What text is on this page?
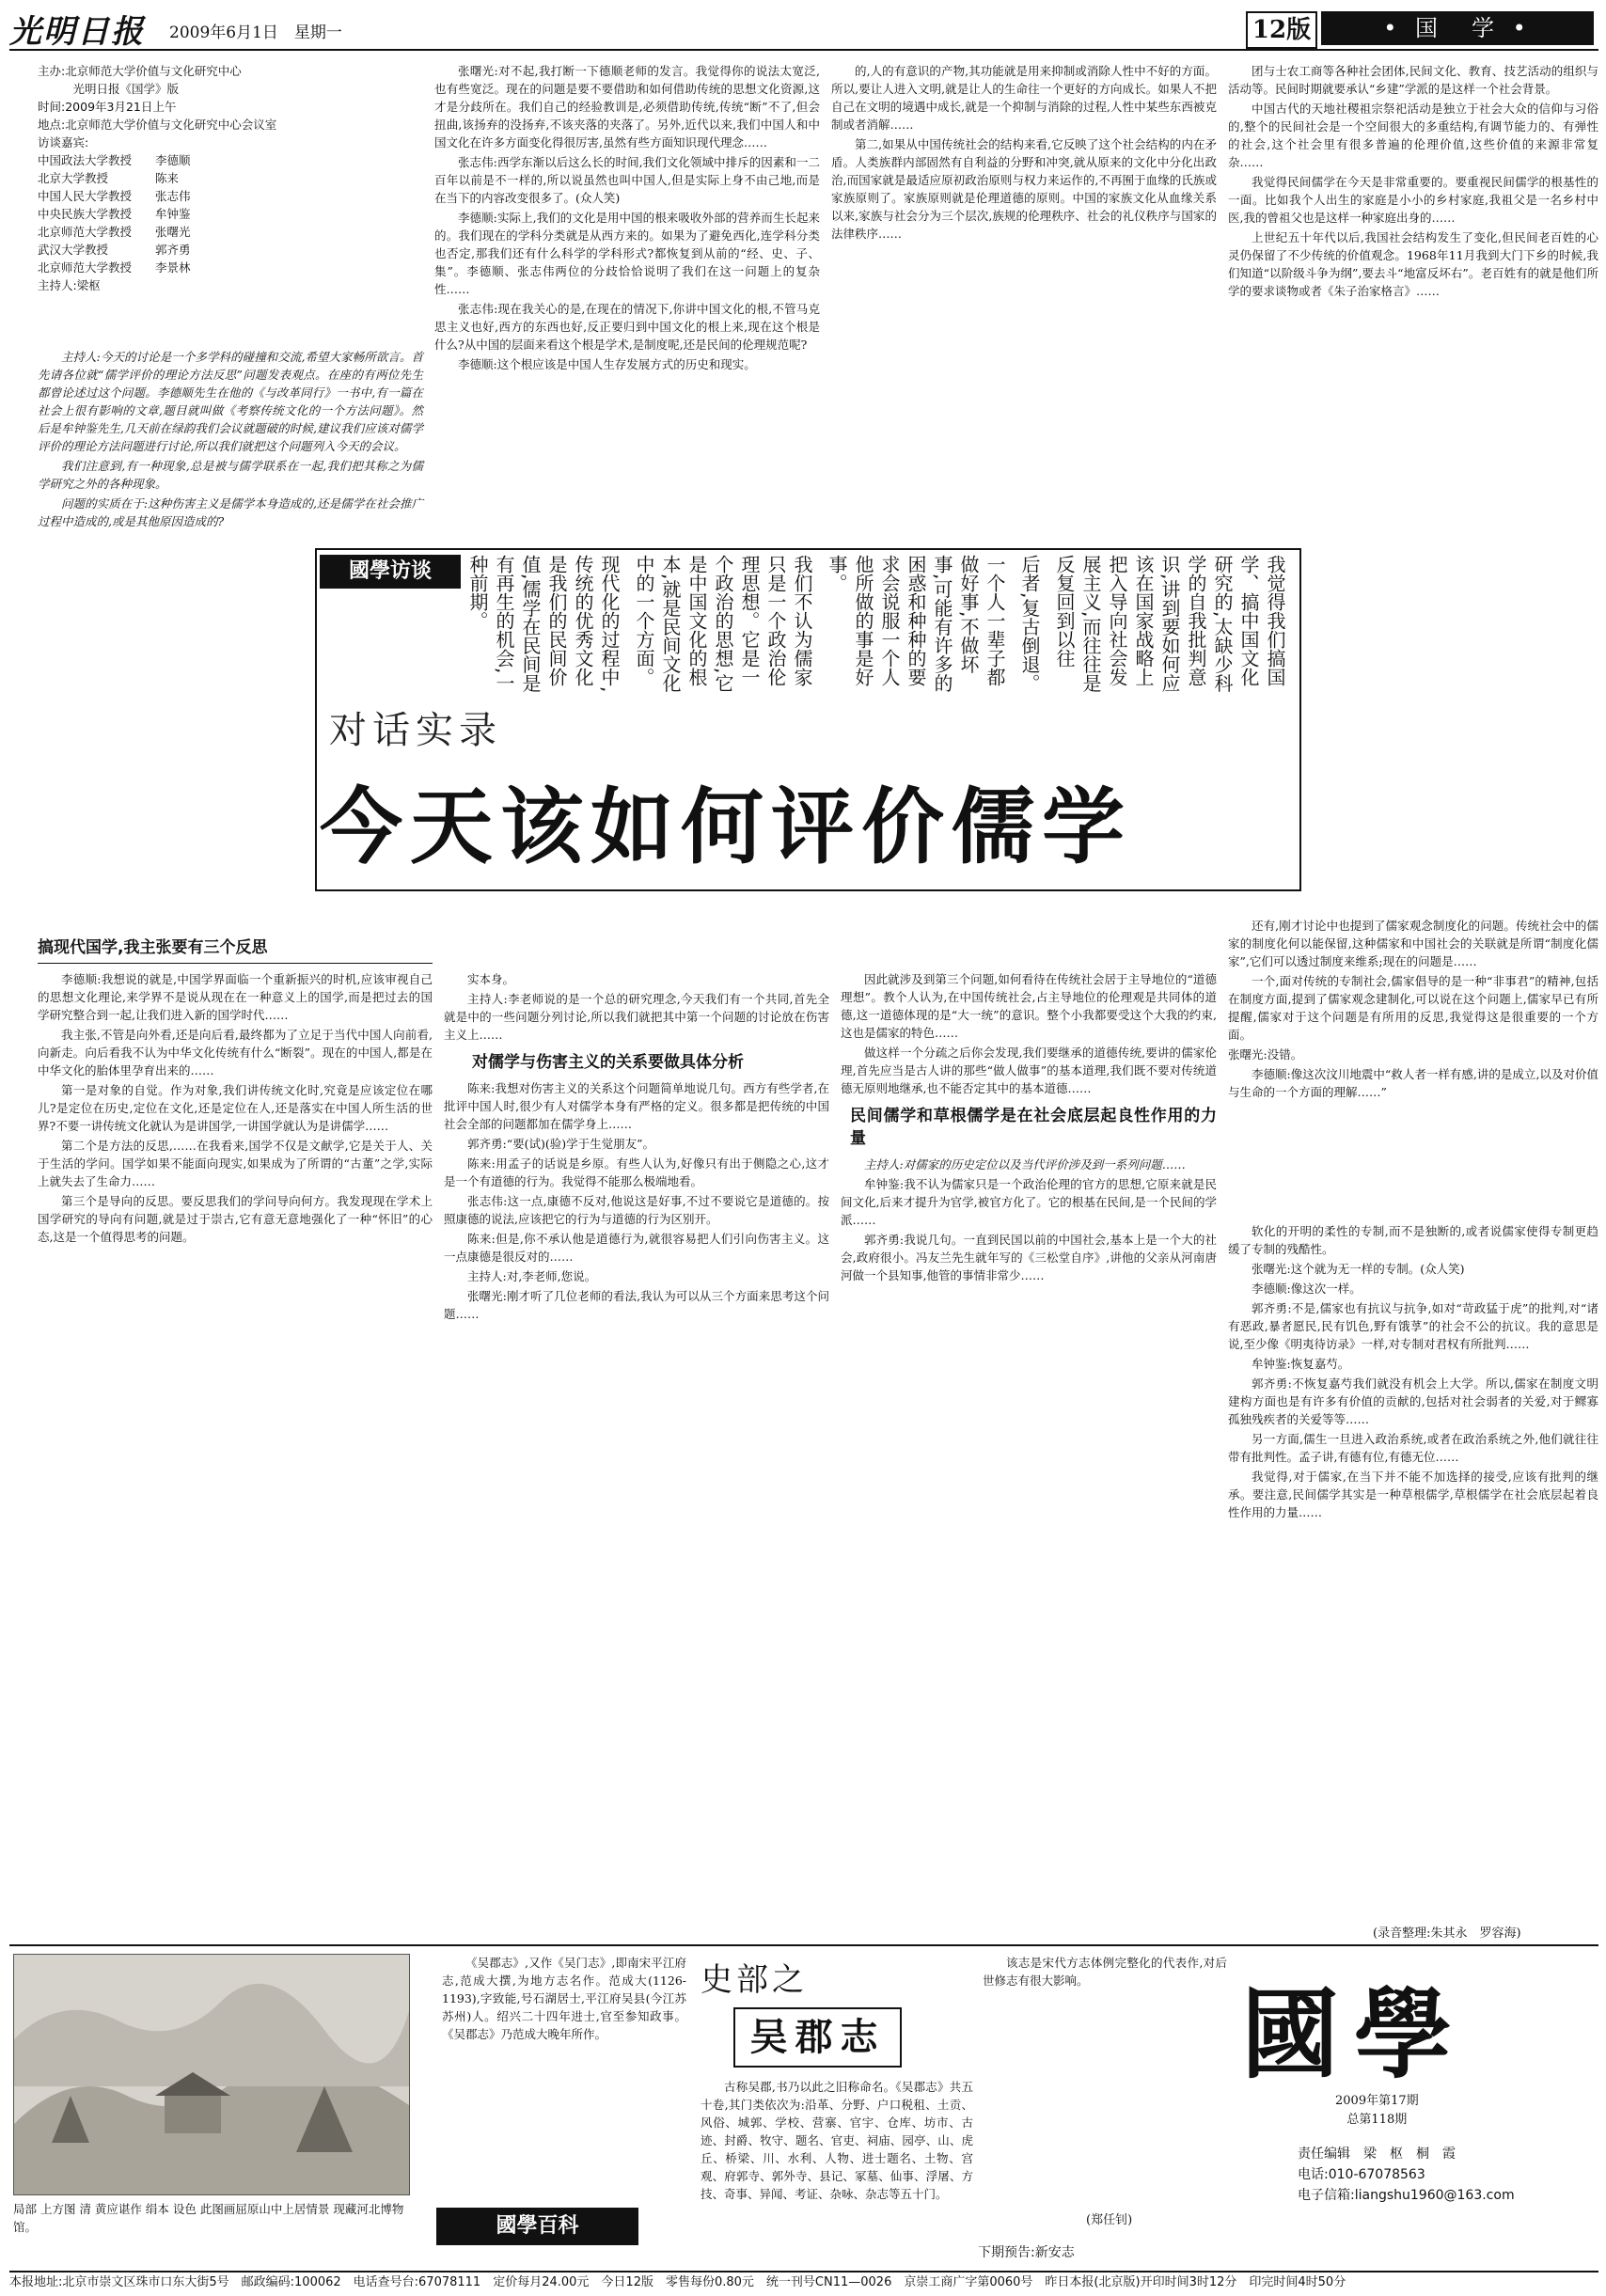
光明日报 2009年6月1日　星期一	12版	• 国　学 •
主办:北京师范大学价值与文化研究中心
　　　光明日报《国学》版
时间:2009年3月21日上午
地点:北京师范大学价值与文化研究中心会议室
访谈嘉宾:
中国政法大学教授　　李德顺
北京大学教授　　　　陈来
中国人民大学教授　　张志伟
中央民族大学教授　　牟钟鉴
北京师范大学教授　　张曙光
武汉大学教授　　　　郭齐勇
北京师范大学教授　　李景林
主持人:梁枢

主持人:今天的讨论是一个多学科的碰撞和交流,希望大家畅所欲言。首先请各位就“儒学评价的理论方法反思”问题发表观点。在座的有两位先生都曾论述过这个问题。李德顺先生在他的《与改革同行》一书中,有一篇在社会上很有影响的文章,题目就叫做《考察传统文化的一个方法问题》。然后是牟钟鉴先生,几天前在绿韵我们会议就题破的时候,建议我们应该对儒学评价的理论方法问题进行讨论,所以我们就把这个问题列入今天的会议。

我们注意到,有一种现象,总是被与儒学联系在一起,我们把其称之为儒学研究之外的各种现象。

问题的实质在于:这种伤害主义是儒学本身造成的,还是儒学在社会推广过程中造成的,或是其他原因造成的?

张曙光:对不起,我打断一下德顺老师的发言。我觉得你的说法太宽泛,也有些宽泛。现在的问题是要不要借助和如何借助传统的思想文化资源,这才是分歧所在。我们自己的经验教训是,必须借助传统,传统“断”不了,但会扭曲,该扬弃的没扬弃,不该夹落的夹落了。另外,近代以来,我们中国人和中国文化在许多方面变化得很厉害,虽然有些方面知识现代理念……

张志伟:西学东渐以后这么长的时间,我们文化领域中排斥的因素和一二百年以前是不一样的,所以说虽然也叫中国人,但是实际上身不由己地,而是在当下的内容改变很多了。(众人笑)

李德顺:实际上,我们的文化是用中国的根来吸收外部的营养而生长起来的。我们现在的学科分类就是从西方来的。如果为了避免西化,连学科分类也否定,那我们还有什么科学的学科形式?都恢复到从前的“经、史、子、集”。李德顺、张志伟两位的分歧恰恰说明了我们在这一问题上的复杂性……

张志伟:现在我关心的是,在现在的情况下,你讲中国文化的根,不管马克思主义也好,西方的东西也好,反正要归到中国文化的根上来,现在这个根是什么?从中国的层面来看这个根是学术,是制度呢,还是民间的伦理规范呢?

李德顺:这个根应该是中国人生存发展方式的历史和现实。

的,人的有意识的产物,其功能就是用来抑制或消除人性中不好的方面。所以,要让人进入文明,就是让人的生命往一个更好的方向成长。如果人不把自己在文明的境遇中成长,就是一个抑制与消除的过程,人性中某些东西被克制或者消解……

第二,如果从中国传统社会的结构来看,它反映了这个社会结构的内在矛盾。人类族群内部固然有自利益的分野和冲突,就从原来的文化中分化出政治,而国家就是最适应原初政治原则与权力来运作的,不再囿于血缘的氏族或家族原则了。家族原则就是伦理道德的原则。中国的家族文化从血缘关系以来,家族与社会分为三个层次,族规的伦理秩序、社会的礼仪秩序与国家的法律秩序……

团与士农工商等各种社会团体,民间文化、教育、技艺活动的组织与活动等。民间时期就要承认“乡建”学派的是这样一个社会背景。

中国古代的天地社稷祖宗祭祀活动是独立于社会大众的信仰与习俗的,整个的民间社会是一个空间很大的多重结构,有调节能力的、有弹性的社会,这个社会里有很多普遍的伦理价值,这些价值的来源非常复杂……

我觉得民间儒学在今天是非常重要的。要重视民间儒学的根基性的一面。比如我个人出生的家庭是小小的乡村家庭,我祖父是一名乡村中医,我的曾祖父也是这样一种家庭出身的……

上世纪五十年代以后,我国社会结构发生了变化,但民间老百姓的心灵仍保留了不少传统的价值观念。1968年11月我到大门下乡的时候,我们知道“以阶级斗争为纲”,要去斗“地富反坏右”。老百姓有的就是他们所学的要求谈物或者《朱子治家格言》……

國學访谈	我觉得我们搞国学、搞中国文化研究的,太缺少科学的自我批判意识,讲到要如何应该在国家战略上把入导向社会发展主义,而往往是反复回到以往
后者,复古倒退。
一个人一辈子都做好事,不做坏事,可能有许多的困惑和种种的要求会说服一个人他所做的事是好事。
我们不认为儒家只是一个政治伦理思想。它是一个政治的思想,它是中国文化的根本,就是民间文化中的一个方面。
现代化的过程中,传统的优秀文化是我们的民间价值,儒学在民间是有再生的机会,一种前期。
对话实录
今天该如何评价儒学

还有,刚才讨论中也提到了儒家观念制度化的问题。传统社会中的儒家的制度化何以能保留,这种儒家和中国社会的关联就是所谓“制度化儒家”,它们可以透过制度来维系;现在的问题是……

一个,面对传统的专制社会,儒家倡导的是一种“非事君”的精神,包括在制度方面,提到了儒家观念建制化,可以说在这个问题上,儒家早已有所提醒,儒家对于这个问题是有所用的反思,我觉得这是很重要的一个方面。

张曙光:没错。

李德顺:像这次汶川地震中“救人者一样有感,讲的是成立,以及对价值与生命的一个方面的理解……”

搞现代国学,我主张要有三个反思

李德顺:我想说的就是,中国学界面临一个重新振兴的时机,应该审视自己的思想文化理论,来学界不是说从现在在一种意义上的国学,而是把过去的国学研究整合到一起,让我们进入新的国学时代……

我主张,不管是向外看,还是向后看,最终都为了立足于当代中国人向前看,向新走。向后看我不认为中华文化传统有什么“断裂”。现在的中国人,都是在中华文化的胎体里孕育出来的……

第一是对象的自觉。作为对象,我们讲传统文化时,究竟是应该定位在哪儿?是定位在历史,定位在文化,还是定位在人,还是落实在中国人所生活的世界?不要一讲传统文化就认为是讲国学,一讲国学就认为是讲儒学……

第二个是方法的反思,……在我看来,国学不仅是文献学,它是关于人、关于生活的学问。国学如果不能面向现实,如果成为了所谓的“古董”之学,实际上就失去了生命力……

第三个是导向的反思。要反思我们的学问导向何方。我发现现在学术上国学研究的导向有问题,就是过于崇古,它有意无意地强化了一种“怀旧”的心态,这是一个值得思考的问题。

实本身。

主持人:李老师说的是一个总的研究理念,今天我们有一个共同,首先全就是中的一些问题分列讨论,所以我们就把其中第一个问题的讨论放在伤害主义上……

对儒学与伤害主义的关系要做具体分析

陈来:我想对伤害主义的关系这个问题简单地说几句。西方有些学者,在批评中国人时,很少有人对儒学本身有严格的定义。很多都是把传统的中国社会全部的问题都加在儒学身上……

郭齐勇:“要(试)(验)学于生觉朋友”。

陈来:用孟子的话说是乡原。有些人认为,好像只有出于侧隐之心,这才是一个有道德的行为。我觉得不能那么极端地看。

张志伟:这一点,康德不反对,他说这是好事,不过不要说它是道德的。按照康德的说法,应该把它的行为与道德的行为区别开。

陈来:但是,你不承认他是道德行为,就很容易把人们引向伤害主义。这一点康德是很反对的……

主持人:对,李老师,您说。

张曙光:刚才听了几位老师的看法,我认为可以从三个方面来思考这个问题……

因此就涉及到第三个问题,如何看待在传统社会居于主导地位的“道德理想”。教个人认为,在中国传统社会,占主导地位的伦理观是共同体的道德,这一道德体现的是“大一统”的意识。整个小我都要受这个大我的约束,这也是儒家的特色……

做这样一个分疏之后你会发现,我们要继承的道德传统,要讲的儒家伦理,首先应当是古人讲的那些“做人做事”的基本道理,我们既不要对传统道德无原则地继承,也不能否定其中的基本道德……

民间儒学和草根儒学是在社会底层起良性作用的力量

主持人:对儒家的历史定位以及当代评价涉及到一系列问题……

牟钟鉴:我不认为儒家只是一个政治伦理的官方的思想,它原来就是民间文化,后来才提升为官学,被官方化了。它的根基在民间,是一个民间的学派……

郭齐勇:我说几句。一直到民国以前的中国社会,基本上是一个大的社会,政府很小。冯友兰先生就年写的《三松堂自序》,讲他的父亲从河南唐河做一个县知事,他管的事情非常少……

软化的开明的柔性的专制,而不是独断的,或者说儒家使得专制更趋缓了专制的残酷性。

张曙光:这个就为无一样的专制。(众人笑)

李德顺:像这次一样。

郭齐勇:不是,儒家也有抗议与抗争,如对“苛政猛于虎”的批判,对“诸有恶政,暴者愿民,民有饥色,野有饿莩”的社会不公的抗议。我的意思是说,至少像《明夷待访录》一样,对专制对君权有所批判……

牟钟鉴:恢复嘉芍。

郭齐勇:不恢复嘉芍我们就没有机会上大学。所以,儒家在制度文明建构方面也是有许多有价值的贡献的,包括对社会弱者的关爱,对于鳏寡孤独残疾者的关爱等等……

另一方面,儒生一旦进入政治系统,或者在政治系统之外,他们就往往带有批判性。孟子讲,有德有位,有德无位……

我觉得,对于儒家,在当下并不能不加选择的接受,应该有批判的继承。要注意,民间儒学其实是一种草根儒学,草根儒学在社会底层起着良性作用的力量……

(录音整理:朱其永　罗容海)
局部 上方图 清 黄应谌作 绢本 设色 此图画屈原山中上居情景 现藏河北博物馆。

《吴郡志》,又作《吴门志》,即南宋平江府志,范成大撰,为地方志名作。范成大(1126-1193),字致能,号石湖居士,平江府吴县(今江苏苏州)人。绍兴二十四年进士,官至参知政事。《吴郡志》乃范成大晚年所作。

國學百科
史部之
吴郡志

古称吴郡,书乃以此之旧称命名。《吴郡志》共五十卷,其门类依次为:沿革、分野、户口税租、土贡、风俗、城郭、学校、营寨、官宇、仓库、坊市、古迹、封爵、牧守、题名、官吏、祠庙、园亭、山、虎丘、桥梁、川、水利、人物、进士题名、土物、宫观、府郭寺、郭外寺、县记、冢墓、仙事、浮屠、方技、奇事、异闻、考证、杂咏、杂志等五十门。

该志是宋代方志体例完整化的代表作,对后世修志有很大影响。

(郑任钊)
下期预告:新安志
國學
2009年第17期
总第118期
责任编辑　梁　枢　桐　霞
电话:010-67078563
电子信箱:liangshu1960@163.com
本报地址:北京市崇文区珠市口东大街5号　邮政编码:100062　电话查号台:67078111　定价每月24.00元　今日12版　零售每份0.80元　统一刊号CN11—0026　京崇工商广字第0060号　昨日本报(北京版)开印时间3时12分　印完时间4时50分
